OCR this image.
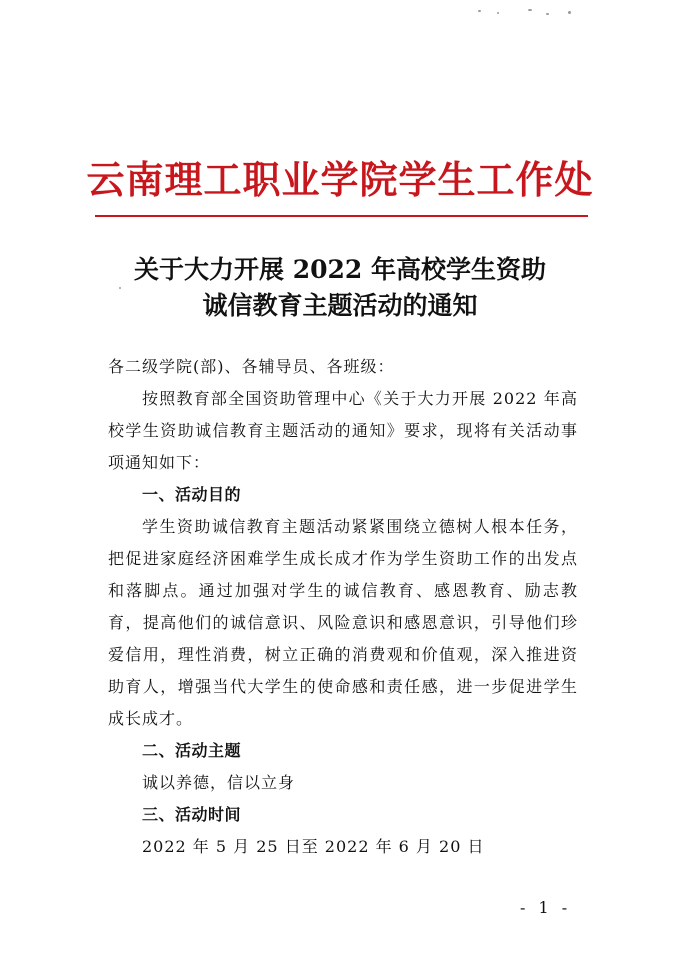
云南理工职业学院学生工作处
关于大力开展 2022 年高校学生资助
诚信教育主题活动的通知

各二级学院(部)、各辅导员、各班级：

按照教育部全国资助管理中心《关于大力开展 2022 年高校学生资助诚信教育主题活动的通知》要求，现将有关活动事项通知如下：

一、活动目的

学生资助诚信教育主题活动紧紧围绕立德树人根本任务，把促进家庭经济困难学生成长成才作为学生资助工作的出发点和落脚点。通过加强对学生的诚信教育、感恩教育、励志教育，提高他们的诚信意识、风险意识和感恩意识，引导他们珍爱信用，理性消费，树立正确的消费观和价值观，深入推进资助育人，增强当代大学生的使命感和责任感，进一步促进学生成长成才。

二、活动主题

诚以养德，信以立身

三、活动时间

2022 年 5 月 25 日至 2022 年 6 月 20 日

- 1 -
